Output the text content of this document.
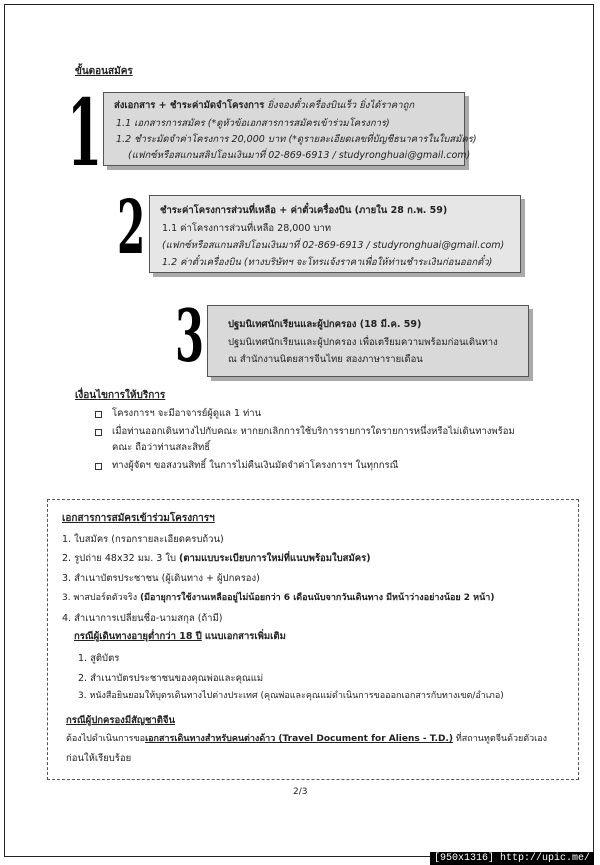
ขั้นตอนสมัคร
1 ส่งเอกสาร + ชำระค่ามัดจำโครงการ ยิ่งจองตั๋วเครื่องบินเร็ว ยิ่งได้ราคาถูก
1.1 เอกสารการสมัคร (*ดูหัวข้อเอกสารการสมัครเข้าร่วมโครงการ)
1.2 ชำระมัดจำค่าโครงการ 20,000 บาท (*ดูรายละเอียดเลขที่บัญชีธนาคารในใบสมัคร)
(แฟกซ์หรือสแกนสลิปโอนเงินมาที่ 02-869-6913 / studyronghuai@gmail.com)
2 ชำระค่าโครงการส่วนที่เหลือ + ค่าตั๋วเครื่องบิน (ภายใน 28 ก.พ. 59)
1.1 ค่าโครงการส่วนที่เหลือ 28,000 บาท
(แฟกซ์หรือสแกนสลิปโอนเงินมาที่ 02-869-6913 / studyronghuai@gmail.com)
1.2 ค่าตั๋วเครื่องบิน (ทางบริษัทฯ จะโทรแจ้งราคาเพื่อให้ท่านชำระเงินก่อนออกตั๋ว)
3	ปฐมนิเทศนักเรียนและผู้ปกครอง (18 มี.ค. 59)
ปฐมนิเทศนักเรียนและผู้ปกครอง เพื่อเตรียมความพร้อมก่อนเดินทาง
ณ สำนักงานนิตยสารจีนไทย สองภาษารายเดือน
เงื่อนไขการให้บริการ
โครงการฯ จะมีอาจารย์ผู้ดูแล 1 ท่าน
เมื่อท่านออกเดินทางไปกับคณะ หากยกเลิกการใช้บริการรายการใดรายการหนึ่งหรือไม่เดินทางพร้อม
คณะ ถือว่าท่านสละสิทธิ์
ทางผู้จัดฯ ขอสงวนสิทธิ์ ในการไม่คืนเงินมัดจำค่าโครงการฯ ในทุกกรณี
เอกสารการสมัครเข้าร่วมโครงการฯ
1. ใบสมัคร (กรอกรายละเอียดครบถ้วน)
2. รูปถ่าย 48x32 มม. 3 ใบ (ตามแบบระเบียบการใหม่ที่แนบพร้อมใบสมัคร)
3. สำเนาบัตรประชาชน (ผู้เดินทาง + ผู้ปกครอง)
3. พาสปอร์ตตัวจริง (มีอายุการใช้งานเหลืออยู่ไม่น้อยกว่า 6 เดือนนับจากวันเดินทาง มีหน้าว่างอย่างน้อย 2 หน้า)
4. สำเนาการเปลี่ยนชื่อ-นามสกุล (ถ้ามี)
กรณีผู้เดินทางอายุต่ำกว่า 18 ปี แนบเอกสารเพิ่มเติม
1. สูติบัตร
2. สำเนาบัตรประชาชนของคุณพ่อและคุณแม่
3. หนังสือยินยอมให้บุตรเดินทางไปต่างประเทศ (คุณพ่อและคุณแม่ดำเนินการขอออกเอกสารกับทางเขต/อำเภอ)
กรณีผู้ปกครองมีสัญชาติจีน
ต้องไปดำเนินการขอเอกสารเดินทางสำหรับคนต่างด้าว (Travel Document for Aliens - T.D.) ที่สถานทูตจีนด้วยตัวเอง
ก่อนให้เรียบร้อย
2/3
[950x1316] http://upic.me/
